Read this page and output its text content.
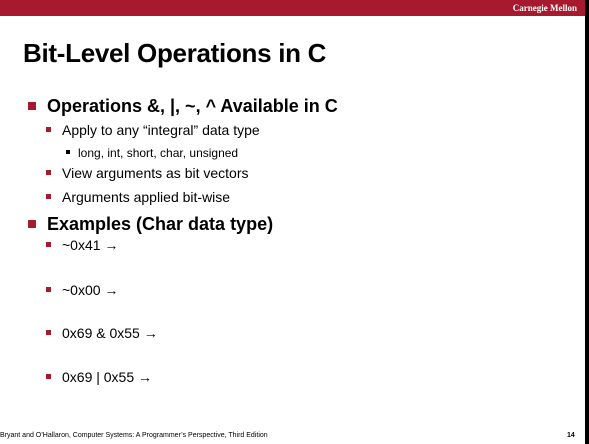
Carnegie Mellon
Bit-Level Operations in C
Operations &, |, ~, ^ Available in C
Apply to any “integral” data type
long, int, short, char, unsigned
View arguments as bit vectors
Arguments applied bit-wise
Examples (Char data type)
~0x41 →
~0x00 →
0x69 & 0x55 →
0x69 | 0x55 →
Bryant and O’Hallaron, Computer Systems: A Programmer’s Perspective, Third Edition	14
